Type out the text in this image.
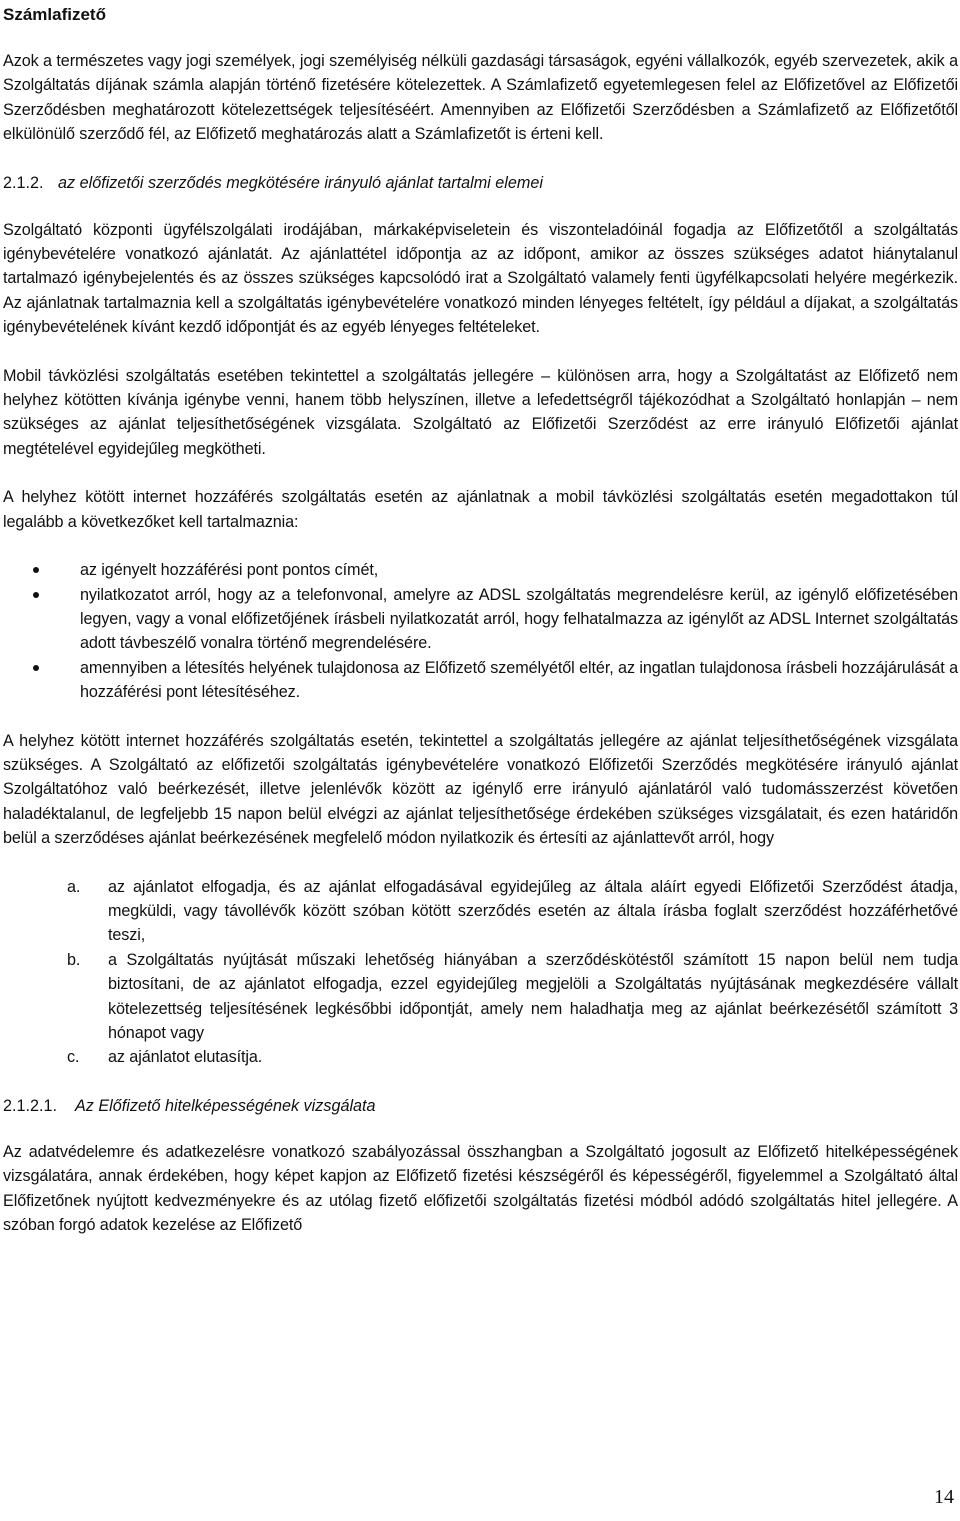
Számlafizető

Azok a természetes vagy jogi személyek, jogi személyiség nélküli gazdasági társaságok, egyéni vállalkozók, egyéb szervezetek, akik a Szolgáltatás díjának számla alapján történő fizetésére kötelezettek. A Számlafizető egyetemlegesen felel az Előfizetővel az Előfizetői Szerződésben meghatározott kötelezettségek teljesítéséért. Amennyiben az Előfizetői Szerződésben a Számlafizető az Előfizetőtől elkülönülő szerződő fél, az Előfizető meghatározás alatt a Számlafizetőt is érteni kell.

2.1.2. az előfizetői szerződés megkötésére irányuló ajánlat tartalmi elemei

Szolgáltató központi ügyfélszolgálati irodájában, márkaképviseletein és viszonteladóinál fogadja az Előfizetőtől a szolgáltatás igénybevételére vonatkozó ajánlatát. Az ajánlattétel időpontja az az időpont, amikor az összes szükséges adatot hiánytalanul tartalmazó igénybejelentés és az összes szükséges kapcsolódó irat a Szolgáltató valamely fenti ügyfélkapcsolati helyére megérkezik. Az ajánlatnak tartalmaznia kell a szolgáltatás igénybevételére vonatkozó minden lényeges feltételt, így például a díjakat, a szolgáltatás igénybevételének kívánt kezdő időpontját és az egyéb lényeges feltételeket.

Mobil távközlési szolgáltatás esetében tekintettel a szolgáltatás jellegére – különösen arra, hogy a Szolgáltatást az Előfizető nem helyhez kötötten kívánja igénybe venni, hanem több helyszínen, illetve a lefedettségről tájékozódhat a Szolgáltató honlapján – nem szükséges az ajánlat teljesíthetőségének vizsgálata. Szolgáltató az Előfizetői Szerződést az erre irányuló Előfizetői ajánlat megtételével egyidejűleg megkötheti.

A helyhez kötött internet hozzáférés szolgáltatás esetén az ajánlatnak a mobil távközlési szolgáltatás esetén megadottakon túl legalább a következőket kell tartalmaznia:

az igényelt hozzáférési pont pontos címét,
nyilatkozatot arról, hogy az a telefonvonal, amelyre az ADSL szolgáltatás megrendelésre kerül, az igénylő előfizetésében legyen, vagy a vonal előfizetőjének írásbeli nyilatkozatát arról, hogy felhatalmazza az igénylőt az ADSL Internet szolgáltatás adott távbeszélő vonalra történő megrendelésére.
amennyiben a létesítés helyének tulajdonosa az Előfizető személyétől eltér, az ingatlan tulajdonosa írásbeli hozzájárulását a hozzáférési pont létesítéséhez.

A helyhez kötött internet hozzáférés szolgáltatás esetén, tekintettel a szolgáltatás jellegére az ajánlat teljesíthetőségének vizsgálata szükséges. A Szolgáltató az előfizetői szolgáltatás igénybevételére vonatkozó Előfizetői Szerződés megkötésére irányuló ajánlat Szolgáltatóhoz való beérkezését, illetve jelenlévők között az igénylő erre irányuló ajánlatáról való tudomásszerzést követően haladéktalanul, de legfeljebb 15 napon belül elvégzi az ajánlat teljesíthetősége érdekében szükséges vizsgálatait, és ezen határidőn belül a szerződéses ajánlat beérkezésének megfelelő módon nyilatkozik és értesíti az ajánlattevőt arról, hogy

a. az ajánlatot elfogadja, és az ajánlat elfogadásával egyidejűleg az általa aláírt egyedi Előfizetői Szerződést átadja, megküldi, vagy távollévők között szóban kötött szerződés esetén az általa írásba foglalt szerződést hozzáférhetővé teszi,
b. a Szolgáltatás nyújtását műszaki lehetőség hiányában a szerződéskötéstől számított 15 napon belül nem tudja biztosítani, de az ajánlatot elfogadja, ezzel egyidejűleg megjelöli a Szolgáltatás nyújtásának megkezdésére vállalt kötelezettség teljesítésének legkésőbbi időpontját, amely nem haladhatja meg az ajánlat beérkezésétől számított 3 hónapot vagy
c. az ajánlatot elutasítja.
2.1.2.1. Az Előfizető hitelképességének vizsgálata

Az adatvédelemre és adatkezelésre vonatkozó szabályozással összhangban a Szolgáltató jogosult az Előfizető hitelképességének vizsgálatára, annak érdekében, hogy képet kapjon az Előfizető fizetési készségéről és képességéről, figyelemmel a Szolgáltató által Előfizetőnek nyújtott kedvezményekre és az utólag fizető előfizetői szolgáltatás fizetési módból adódó szolgáltatás hitel jellegére. A szóban forgó adatok kezelése az Előfizető

14
